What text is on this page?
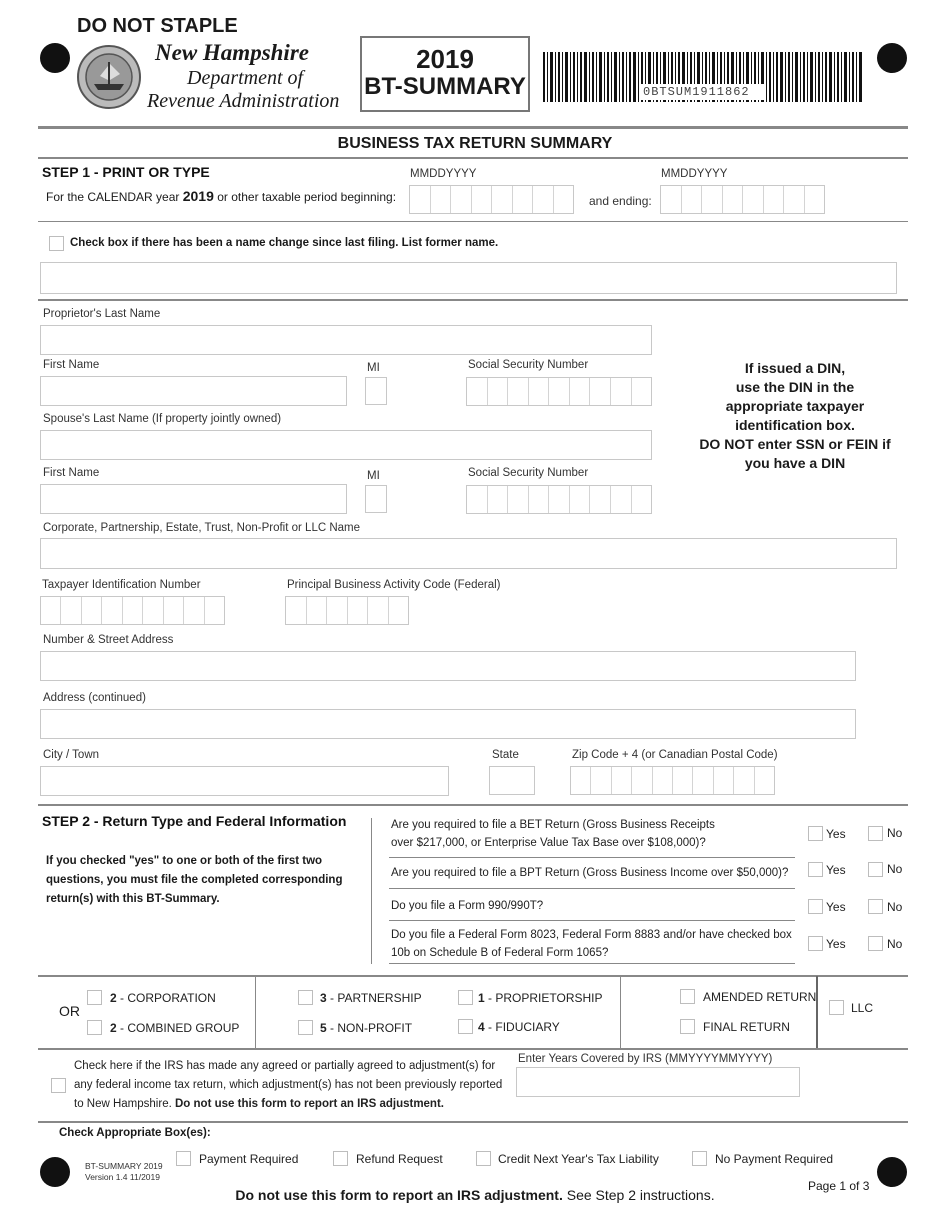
DO NOT STAPLE
New Hampshire
Department of
Revenue Administration
2019
BT-SUMMARY	0BTSUM1911862
BUSINESS TAX RETURN SUMMARY
STEP 1 - PRINT OR TYPE
For the CALENDAR year 2019 or other taxable period beginning:
MMDDYYYY
and ending:
MMDDYYYY
Check box if there has been a name change since last filing. List former name.
Proprietor's Last Name
First Name	MI	Social Security Number	If issued a DIN,
use the DIN in the
appropriate taxpayer
identification box.
DO NOT enter SSN or FEIN if
you have a DIN
Spouse's Last Name (If property jointly owned)
First Name	MI	Social Security Number
Corporate, Partnership, Estate, Trust, Non-Profit or LLC Name
Taxpayer Identification Number	Principal Business Activity Code (Federal)
Number & Street Address
Address (continued)
City / Town	State	Zip Code + 4 (or Canadian Postal Code)
STEP 2 - Return Type and Federal Information
If you checked "yes" to one or both of the first two questions, you must file the completed corresponding return(s) with this BT-Summary.
Are you required to file a BET Return (Gross Business Receipts over $217,000, or Enterprise Value Tax Base over $108,000)?
Yes	No
Are you required to file a BPT Return (Gross Business Income over $50,000)?	Yes	No
Do you file a Form 990/990T?	Yes	No
Do you file a Federal Form 8023, Federal Form 8883 and/or have checked box 10b on Schedule B of Federal Form 1065?
Yes	No
OR
2 - CORPORATION
2 - COMBINED GROUP
3 - PARTNERSHIP
5 - NON-PROFIT
1 - PROPRIETORSHIP
4 - FIDUCIARY
AMENDED RETURN
FINAL RETURN
LLC
Check here if the IRS has made any agreed or partially agreed to adjustment(s) for any federal income tax return, which adjustment(s) has not been previously reported to New Hampshire. Do not use this form to report an IRS adjustment.
Enter Years Covered by IRS (MMYYYYMMYYYY)
Check Appropriate Box(es):
Payment Required	Refund Request	Credit Next Year's Tax Liability	No Payment Required
BT-SUMMARY 2019
Version 1.4 11/2019
Page 1 of 3
Do not use this form to report an IRS adjustment. See Step 2 instructions.
